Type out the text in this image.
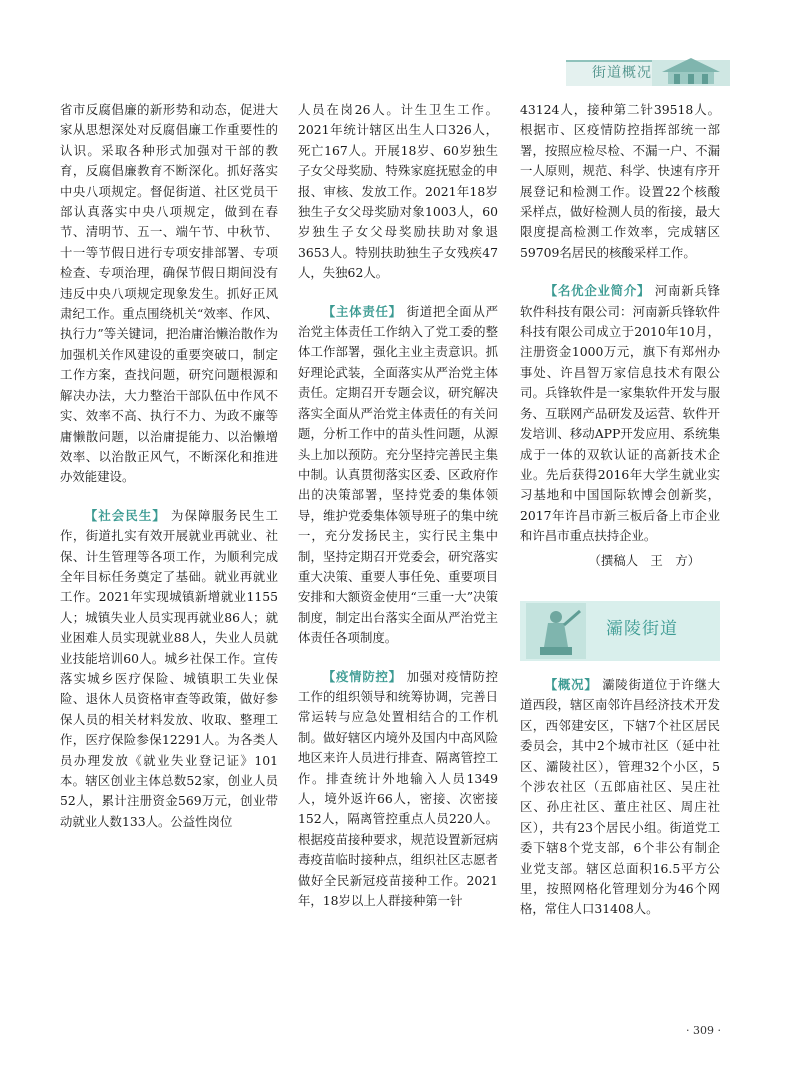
街道概况

省市反腐倡廉的新形势和动态，促进大家从思想深处对反腐倡廉工作重要性的认识。采取各种形式加强对干部的教育，反腐倡廉教育不断深化。抓好落实中央八项规定。督促街道、社区党员干部认真落实中央八项规定，做到在春节、清明节、五一、端午节、中秋节、十一等节假日进行专项安排部署、专项检查、专项治理，确保节假日期间没有违反中央八项规定现象发生。抓好正风肃纪工作。重点围绕机关“效率、作风、执行力”等关键词，把治庸治懒治散作为加强机关作风建设的重要突破口，制定工作方案，查找问题，研究问题根源和解决办法，大力整治干部队伍中作风不实、效率不高、执行不力、为政不廉等庸懒散问题，以治庸提能力、以治懒增效率、以治散正风气，不断深化和推进办效能建设。

【社会民生】 为保障服务民生工作，街道扎实有效开展就业再就业、社保、计生管理等各项工作，为顺利完成全年目标任务奠定了基础。就业再就业工作。2021年实现城镇新增就业1155人；城镇失业人员实现再就业86人；就业困难人员实现就业88人，失业人员就业技能培训60人。城乡社保工作。宣传落实城乡医疗保险、城镇职工失业保险、退休人员资格审查等政策，做好参保人员的相关材料发放、收取、整理工作，医疗保险参保12291人。为各类人员办理发放《就业失业登记证》101本。辖区创业主体总数52家，创业人员52人，累计注册资金569万元，创业带动就业人数133人。公益性岗位

人员在岗26人。计生卫生工作。2021年统计辖区出生人口326人，死亡167人。开展18岁、60岁独生子女父母奖励、特殊家庭抚慰金的申报、审核、发放工作。2021年18岁独生子女父母奖励对象1003人，60岁独生子女父母奖励扶助对象退3653人。特别扶助独生子女残疾47人，失独62人。

【主体责任】 街道把全面从严治党主体责任工作纳入了党工委的整体工作部署，强化主业主责意识。抓好理论武装，全面落实从严治党主体责任。定期召开专题会议，研究解决落实全面从严治党主体责任的有关问题，分析工作中的苗头性问题，从源头上加以预防。充分坚持完善民主集中制。认真贯彻落实区委、区政府作出的决策部署，坚持党委的集体领导，维护党委集体领导班子的集中统一，充分发扬民主，实行民主集中制，坚持定期召开党委会，研究落实重大决策、重要人事任免、重要项目安排和大额资金使用“三重一大”决策制度，制定出台落实全面从严治党主体责任各项制度。

【疫情防控】 加强对疫情防控工作的组织领导和统筹协调，完善日常运转与应急处置相结合的工作机制。做好辖区内境外及国内中高风险地区来许人员进行排查、隔离管控工作。排查统计外地输入人员1349人，境外返许66人，密接、次密接152人，隔离管控重点人员220人。根据疫苗接种要求，规范设置新冠病毒疫苗临时接种点，组织社区志愿者做好全民新冠疫苗接种工作。2021年，18岁以上人群接种第一针

43124人，接种第二针39518人。根据市、区疫情防控指挥部统一部署，按照应检尽检、不漏一户、不漏一人原则，规范、科学、快速有序开展登记和检测工作。设置22个核酸采样点，做好检测人员的衔接，最大限度提高检测工作效率，完成辖区59709名居民的核酸采样工作。

【名优企业简介】 河南新兵锋软件科技有限公司：河南新兵锋软件科技有限公司成立于2010年10月，注册资金1000万元，旗下有郑州办事处、许昌智万家信息技术有限公司。兵锋软件是一家集软件开发与服务、互联网产品研发及运营、软件开发培训、移动APP开发应用、系统集成于一体的双软认证的高新技术企业。先后获得2016年大学生就业实习基地和中国国际软博会创新奖，2017年许昌市新三板后备上市企业和许昌市重点扶持企业。

（撰稿人　王　方）
灞陵街道

【概况】 灞陵街道位于许继大道西段，辖区南邻许昌经济技术开发区，西邻建安区，下辖7个社区居民委员会，其中2个城市社区（延中社区、灞陵社区），管理32个小区，5个涉农社区（五郎庙社区、吴庄社区、孙庄社区、董庄社区、周庄社区），共有23个居民小组。街道党工委下辖8个党支部，6个非公有制企业党支部。辖区总面积16.5平方公里，按照网格化管理划分为46个网格，常住人口31408人。

· 309 ·
